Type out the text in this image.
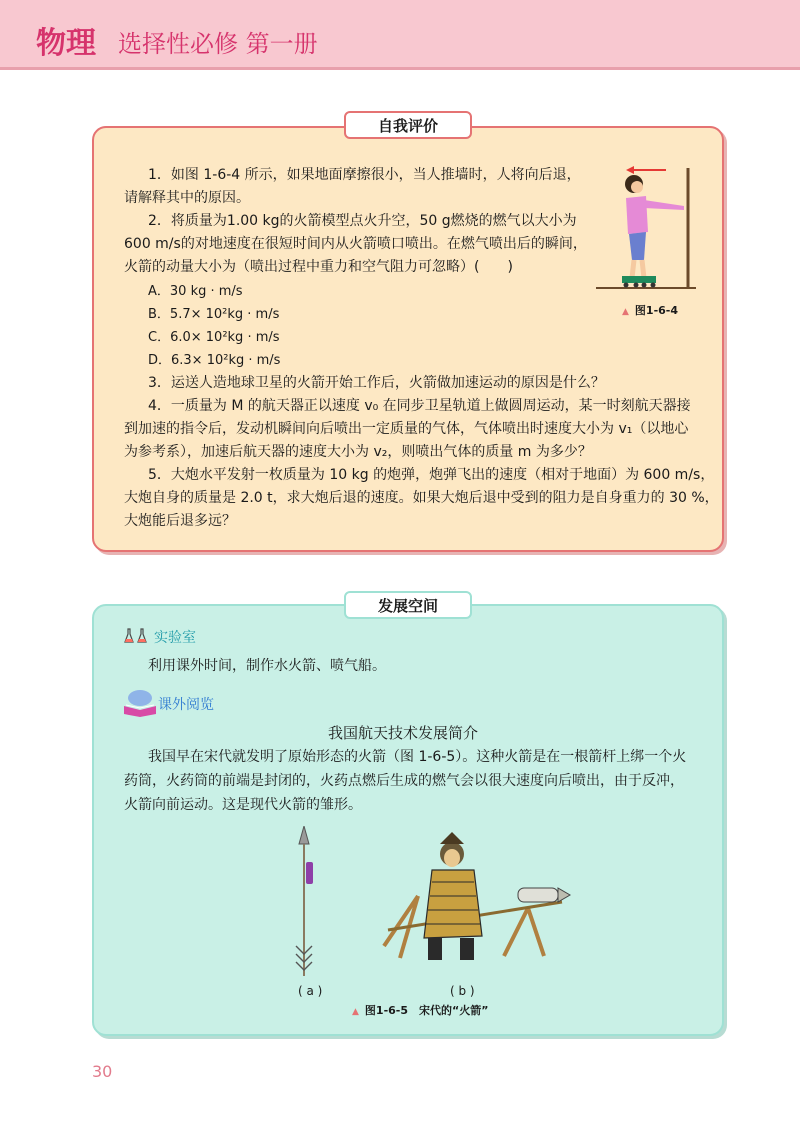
物理 选择性必修 第一册
自我评价
1．如图 1-6-4 所示，如果地面摩擦很小，当人推墙时，人将向后退，
请解释其中的原因。
2．将质量为1.00 kg的火箭模型点火升空，50 g燃烧的燃气以大小为
600 m/s的对地速度在很短时间内从火箭喷口喷出。在燃气喷出后的瞬间，
火箭的动量大小为（喷出过程中重力和空气阻力可忽略）(　　)
A．30 kg · m/s
B．5.7× 10²kg · m/s
C．6.0× 10²kg · m/s
D．6.3× 10²kg · m/s
3．运送人造地球卫星的火箭开始工作后，火箭做加速运动的原因是什么？
4．一质量为 M 的航天器正以速度 v₀ 在同步卫星轨道上做圆周运动，某一时刻航天器接
到加速的指令后，发动机瞬间向后喷出一定质量的气体，气体喷出时速度大小为 v₁（以地心
为参考系），加速后航天器的速度大小为 v₂，则喷出气体的质量 m 为多少？
5．大炮水平发射一枚质量为 10 kg 的炮弹，炮弹飞出的速度（相对于地面）为 600 m/s，
大炮自身的质量是 2.0 t，求大炮后退的速度。如果大炮后退中受到的阻力是自身重力的 30 %，
大炮能后退多远？
▲ 图1-6-4
发展空间
实验室
利用课外时间，制作水火箭、喷气船。
课外阅览
我国航天技术发展简介
我国早在宋代就发明了原始形态的火箭（图 1-6-5）。这种火箭是在一根箭杆上绑一个火
药筒，火药筒的前端是封闭的，火药点燃后生成的燃气会以很大速度向后喷出，由于反冲，
火箭向前运动。这是现代火箭的雏形。
( a )	( b )
▲ 图1-6-5　宋代的“火箭”
30
